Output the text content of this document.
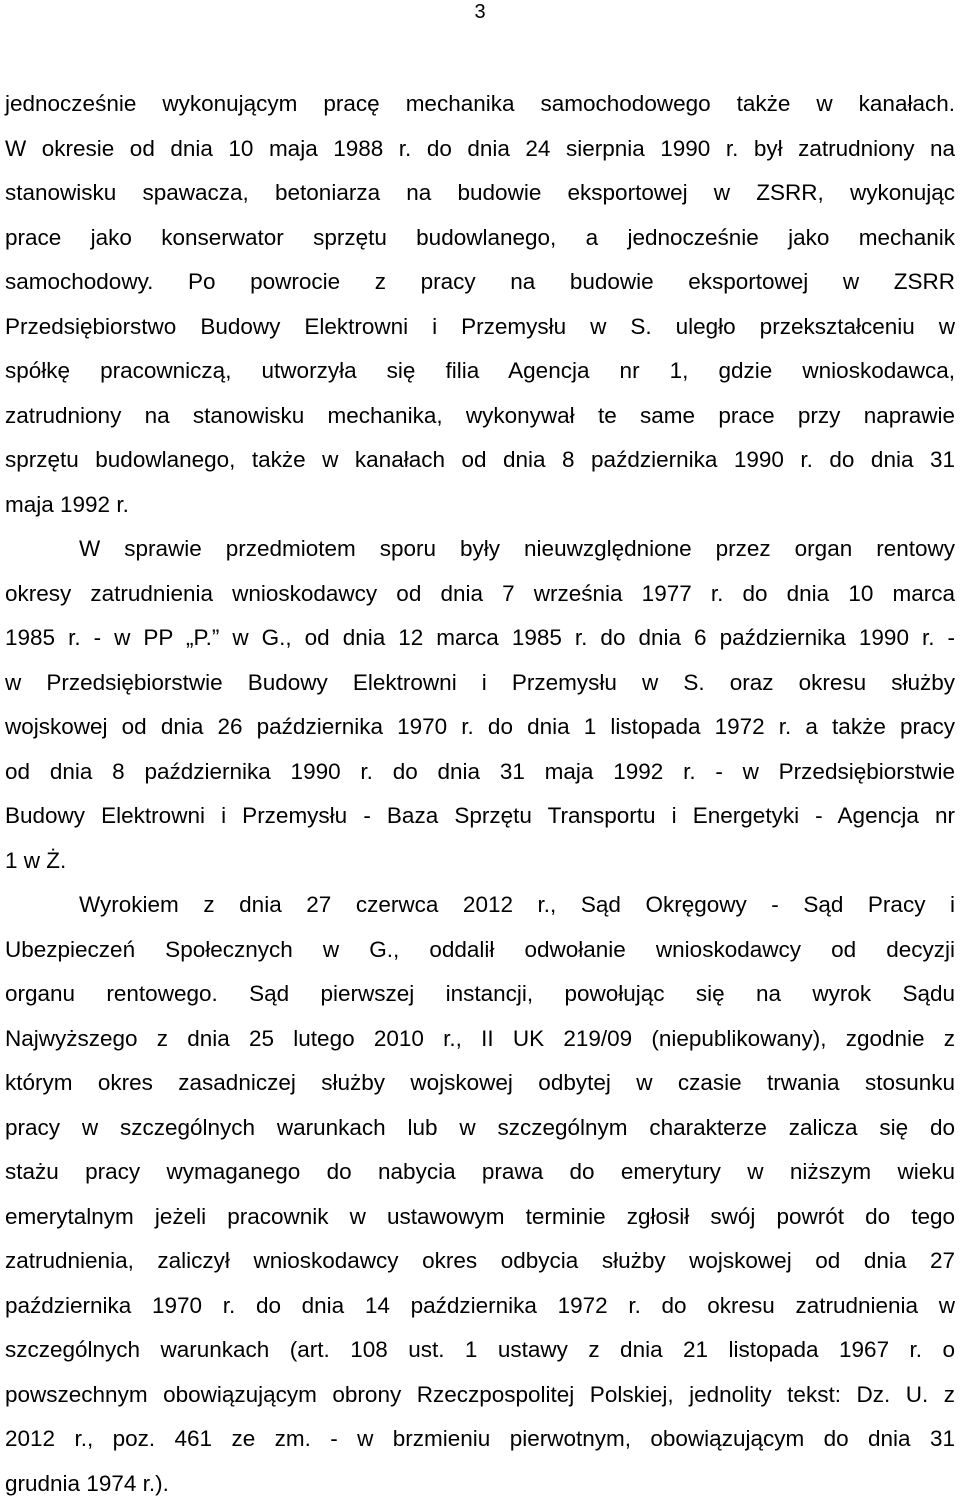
3
jednocześnie wykonującym pracę mechanika samochodowego także w kanałach.
W okresie od dnia 10 maja 1988 r. do dnia 24 sierpnia 1990 r. był zatrudniony na
stanowisku spawacza, betoniarza na budowie eksportowej w ZSRR, wykonując
prace jako konserwator sprzętu budowlanego, a jednocześnie jako mechanik
samochodowy. Po powrocie z pracy na budowie eksportowej w ZSRR
Przedsiębiorstwo Budowy Elektrowni i Przemysłu w S. uległo przekształceniu w
spółkę pracowniczą, utworzyła się filia Agencja nr 1, gdzie wnioskodawca,
zatrudniony na stanowisku mechanika, wykonywał te same prace przy naprawie
sprzętu budowlanego, także w kanałach od dnia 8 października 1990 r. do dnia 31
maja 1992 r.
W sprawie przedmiotem sporu były nieuwzględnione przez organ rentowy
okresy zatrudnienia wnioskodawcy od dnia 7 września 1977 r. do dnia 10 marca
1985 r. - w PP „P.” w G., od dnia 12 marca 1985 r. do dnia 6 października 1990 r. -
w Przedsiębiorstwie Budowy Elektrowni i Przemysłu w S. oraz okresu służby
wojskowej od dnia 26 października 1970 r. do dnia 1 listopada 1972 r. a także pracy
od dnia 8 października 1990 r. do dnia 31 maja 1992 r. - w Przedsiębiorstwie
Budowy Elektrowni i Przemysłu - Baza Sprzętu Transportu i Energetyki - Agencja nr
1 w Ż.
Wyrokiem z dnia 27 czerwca 2012 r., Sąd Okręgowy - Sąd Pracy i
Ubezpieczeń Społecznych w G., oddalił odwołanie wnioskodawcy od decyzji
organu rentowego. Sąd pierwszej instancji, powołując się na wyrok Sądu
Najwyższego z dnia 25 lutego 2010 r., II UK 219/09 (niepublikowany), zgodnie z
którym okres zasadniczej służby wojskowej odbytej w czasie trwania stosunku
pracy w szczególnych warunkach lub w szczególnym charakterze zalicza się do
stażu pracy wymaganego do nabycia prawa do emerytury w niższym wieku
emerytalnym jeżeli pracownik w ustawowym terminie zgłosił swój powrót do tego
zatrudnienia, zaliczył wnioskodawcy okres odbycia służby wojskowej od dnia 27
października 1970 r. do dnia 14 października 1972 r. do okresu zatrudnienia w
szczególnych warunkach (art. 108 ust. 1 ustawy z dnia 21 listopada 1967 r. o
powszechnym obowiązującym obrony Rzeczpospolitej Polskiej, jednolity tekst: Dz. U. z
2012 r., poz. 461 ze zm. - w brzmieniu pierwotnym, obowiązującym do dnia 31
grudnia 1974 r.).
